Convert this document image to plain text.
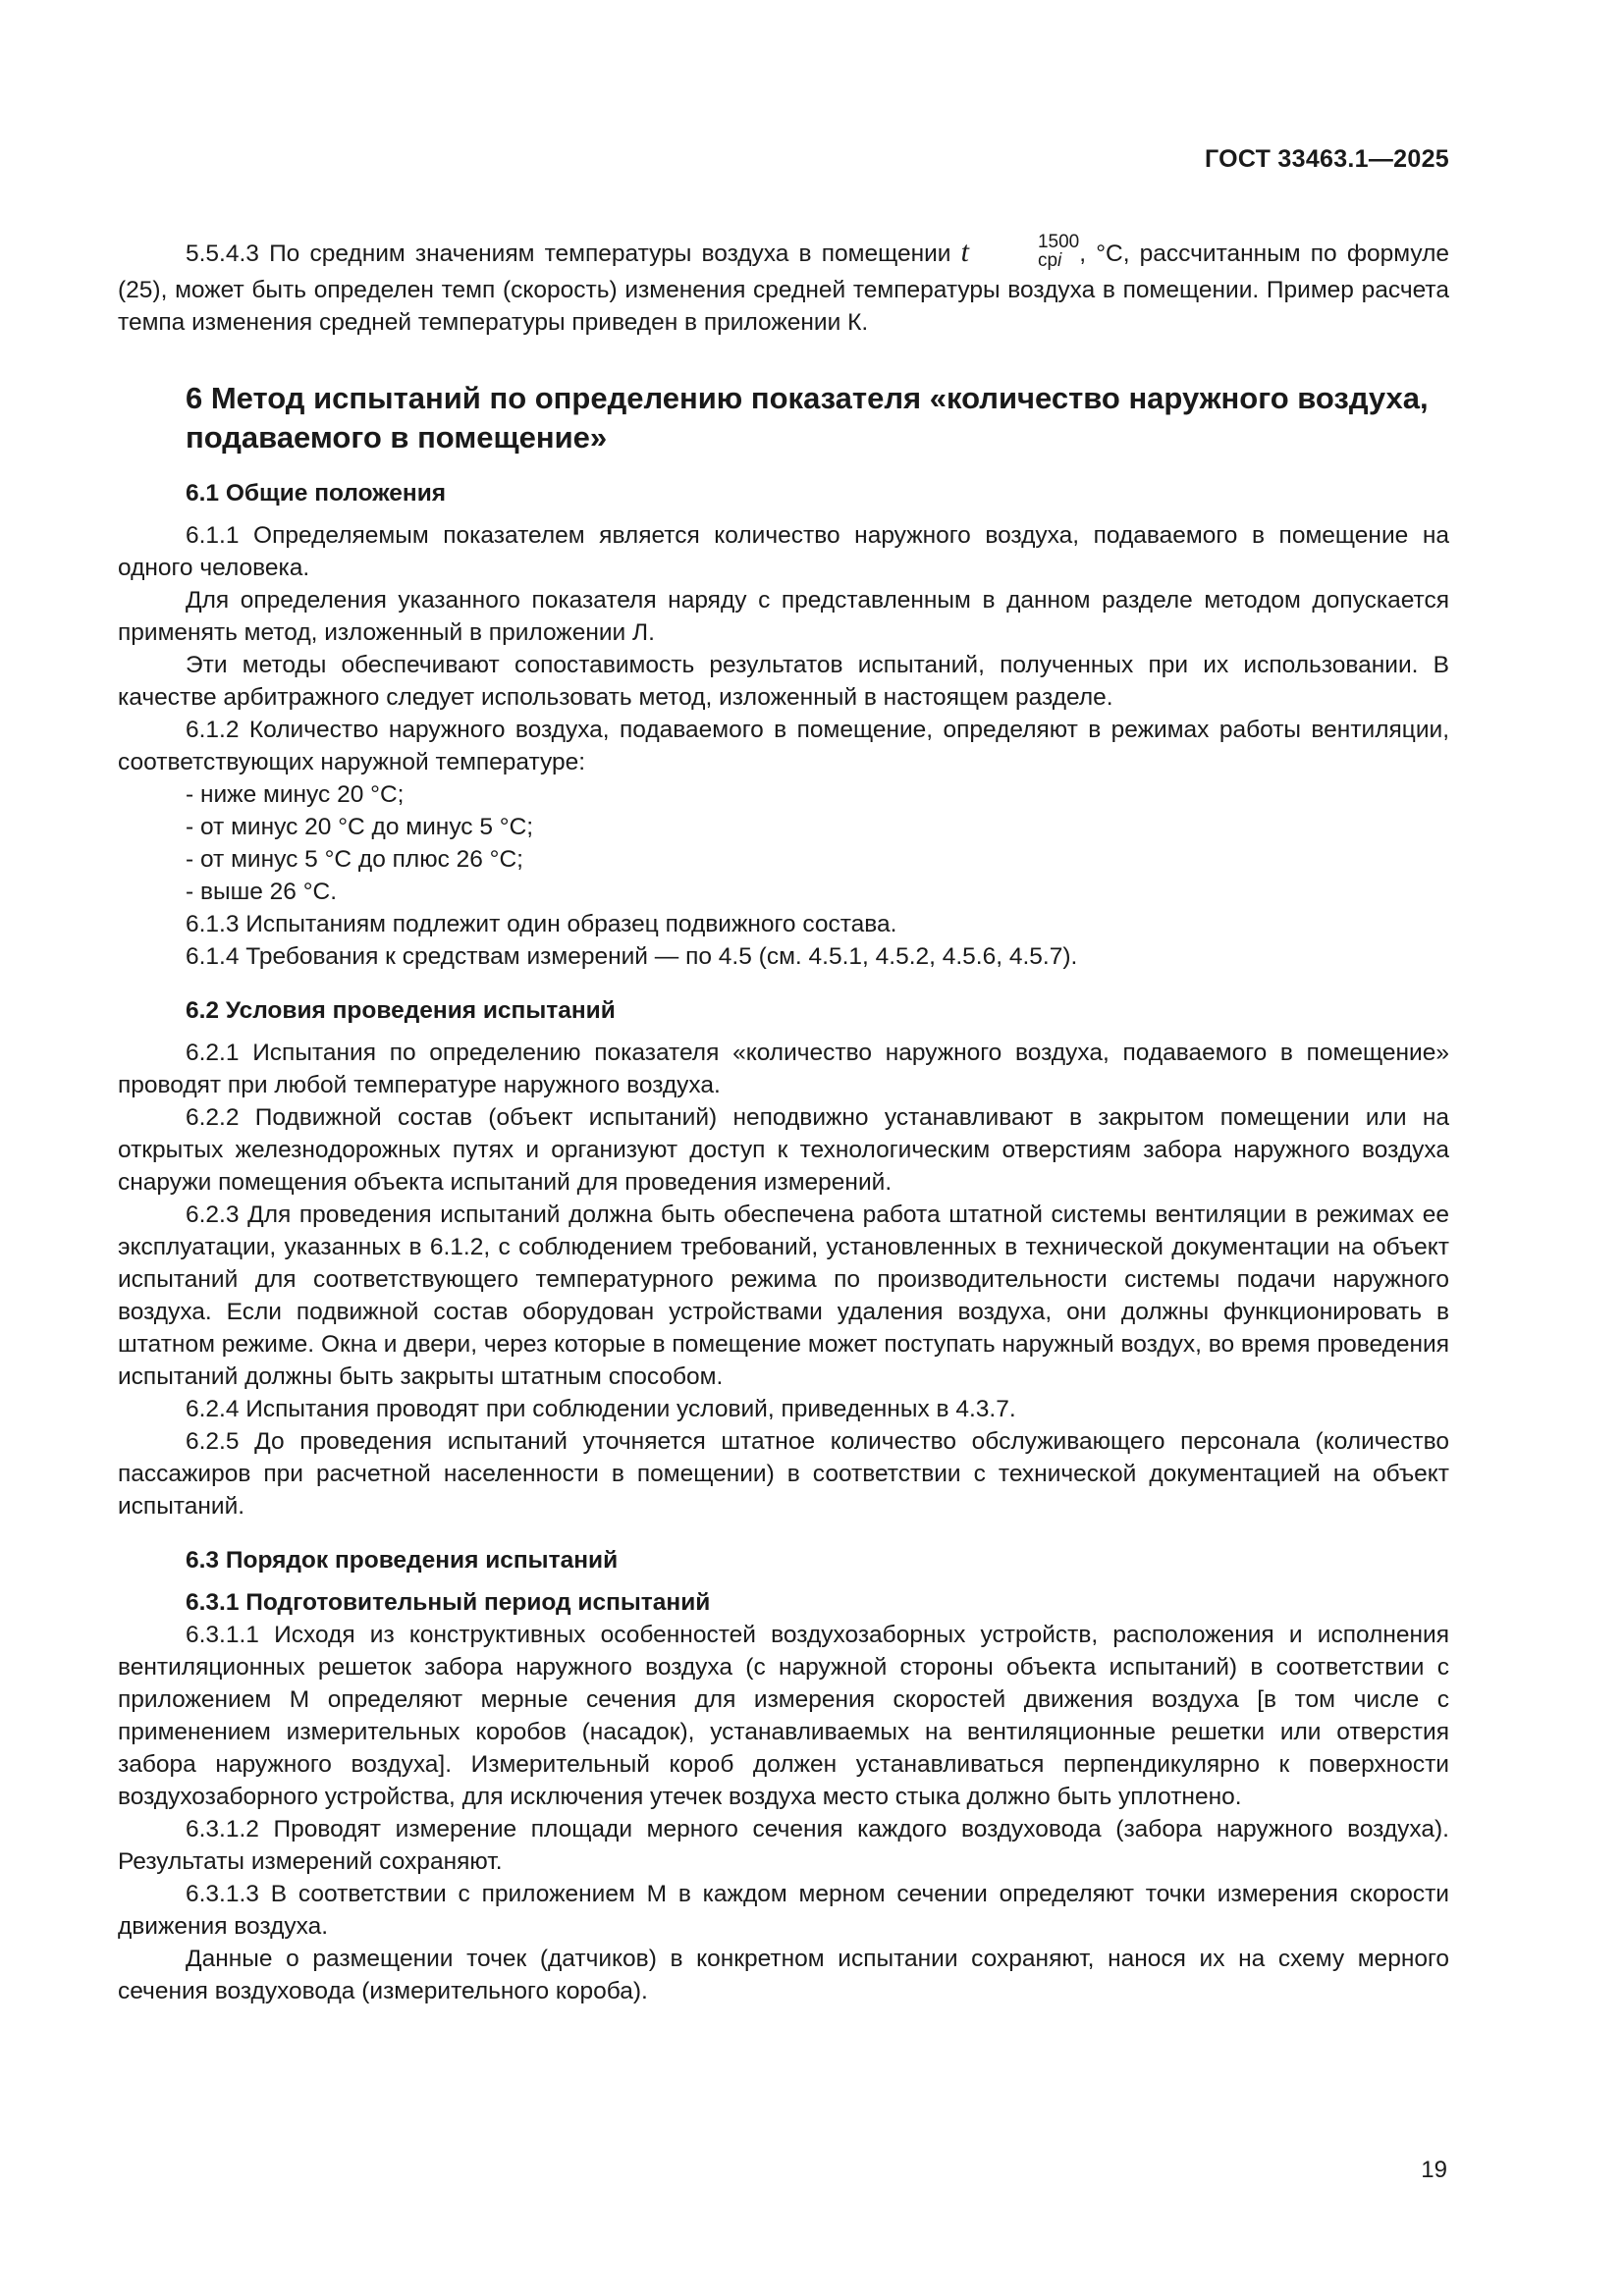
ГОСТ 33463.1—2025

5.5.4.3 По средним значениям температуры воздуха в помещении t	1500
cpi , °С, рассчитанным по формуле (25), может быть определен темп (скорость) изменения средней температуры воздуха в помещении. Пример расчета темпа изменения средней температуры приведен в приложении К.

6 Метод испытаний по определению показателя «количество наружного воздуха, подаваемого в помещение»
6.1 Общие положения

6.1.1 Определяемым показателем является количество наружного воздуха, подаваемого в помещение на одного человека.

Для определения указанного показателя наряду с представленным в данном разделе методом допускается применять метод, изложенный в приложении Л.

Эти методы обеспечивают сопоставимость результатов испытаний, полученных при их использовании. В качестве арбитражного следует использовать метод, изложенный в настоящем разделе.

6.1.2 Количество наружного воздуха, подаваемого в помещение, определяют в режимах работы вентиляции, соответствующих наружной температуре:

- ниже минус 20 °С;

- от минус 20 °С до минус 5 °С;

- от минус 5 °С до плюс 26 °С;

- выше 26 °С.

6.1.3 Испытаниям подлежит один образец подвижного состава.

6.1.4 Требования к средствам измерений — по 4.5 (см. 4.5.1, 4.5.2, 4.5.6, 4.5.7).

6.2 Условия проведения испытаний

6.2.1 Испытания по определению показателя «количество наружного воздуха, подаваемого в помещение» проводят при любой температуре наружного воздуха.

6.2.2 Подвижной состав (объект испытаний) неподвижно устанавливают в закрытом помещении или на открытых железнодорожных путях и организуют доступ к технологическим отверстиям забора наружного воздуха снаружи помещения объекта испытаний для проведения измерений.

6.2.3 Для проведения испытаний должна быть обеспечена работа штатной системы вентиляции в режимах ее эксплуатации, указанных в 6.1.2, с соблюдением требований, установленных в технической документации на объект испытаний для соответствующего температурного режима по производительности системы подачи наружного воздуха. Если подвижной состав оборудован устройствами удаления воздуха, они должны функционировать в штатном режиме. Окна и двери, через которые в помещение может поступать наружный воздух, во время проведения испытаний должны быть закрыты штатным способом.

6.2.4 Испытания проводят при соблюдении условий, приведенных в 4.3.7.

6.2.5 До проведения испытаний уточняется штатное количество обслуживающего персонала (количество пассажиров при расчетной населенности в помещении) в соответствии с технической документацией на объект испытаний.

6.3 Порядок проведения испытаний
6.3.1 Подготовительный период испытаний

6.3.1.1 Исходя из конструктивных особенностей воздухозаборных устройств, расположения и исполнения вентиляционных решеток забора наружного воздуха (с наружной стороны объекта испытаний) в соответствии с приложением М определяют мерные сечения для измерения скоростей движения воздуха [в том числе с применением измерительных коробов (насадок), устанавливаемых на вентиляционные решетки или отверстия забора наружного воздуха]. Измерительный короб должен устанавливаться перпендикулярно к поверхности воздухозаборного устройства, для исключения утечек воздуха место стыка должно быть уплотнено.

6.3.1.2 Проводят измерение площади мерного сечения каждого воздуховода (забора наружного воздуха). Результаты измерений сохраняют.

6.3.1.3 В соответствии с приложением М в каждом мерном сечении определяют точки измерения скорости движения воздуха.

Данные о размещении точек (датчиков) в конкретном испытании сохраняют, нанося их на схему мерного сечения воздуховода (измерительного короба).

19
